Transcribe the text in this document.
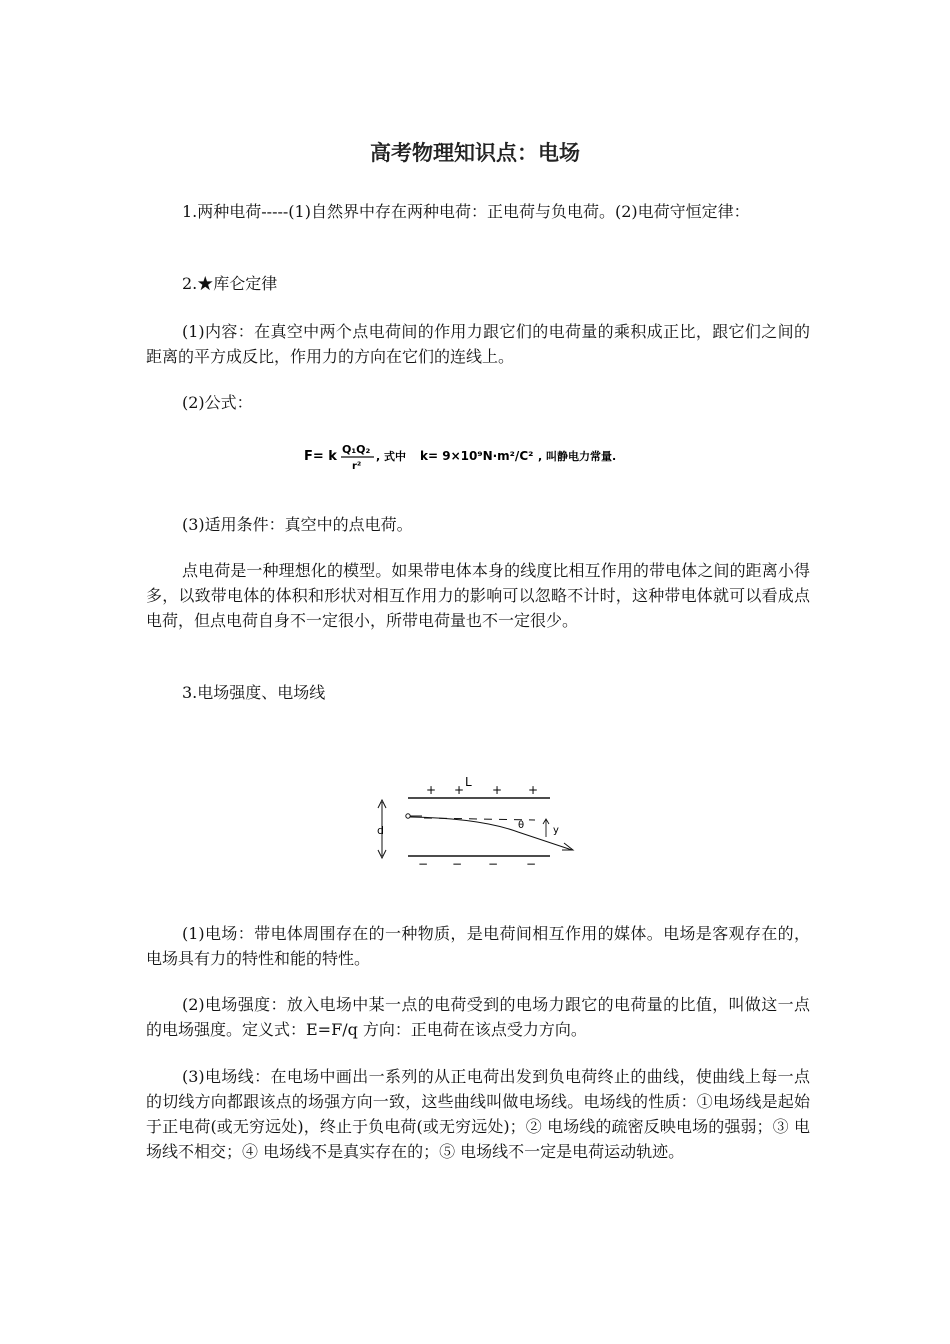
高考物理知识点：电场

1.两种电荷-----(1)自然界中存在两种电荷：正电荷与负电荷。(2)电荷守恒定律：

2.★库仑定律

(1)内容：在真空中两个点电荷间的作用力跟它们的电荷量的乘积成正比，跟它们之间的距离的平方成反比，作用力的方向在它们的连线上。

(2)公式：

F= k Q₁Q₂
r²
, 式中 k= 9×10⁹N·m²/C² , 叫静电力常量.

(3)适用条件：真空中的点电荷。

点电荷是一种理想化的模型。如果带电体本身的线度比相互作用的带电体之间的距离小得多，以致带电体的体积和形状对相互作用力的影响可以忽略不计时，这种带电体就可以看成点电荷，但点电荷自身不一定很小，所带电荷量也不一定很少。

3.电场强度、电场线

+ + + +
L
− − − −
d	θ	y

(1)电场：带电体周围存在的一种物质，是电荷间相互作用的媒体。电场是客观存在的，电场具有力的特性和能的特性。

(2)电场强度：放入电场中某一点的电荷受到的电场力跟它的电荷量的比值，叫做这一点的电场强度。定义式：E=F/q 方向：正电荷在该点受力方向。

(3)电场线：在电场中画出一系列的从正电荷出发到负电荷终止的曲线，使曲线上每一点的切线方向都跟该点的场强方向一致，这些曲线叫做电场线。电场线的性质：①电场线是起始于正电荷(或无穷远处)，终止于负电荷(或无穷远处)；② 电场线的疏密反映电场的强弱；③ 电场线不相交；④ 电场线不是真实存在的；⑤ 电场线不一定是电荷运动轨迹。
